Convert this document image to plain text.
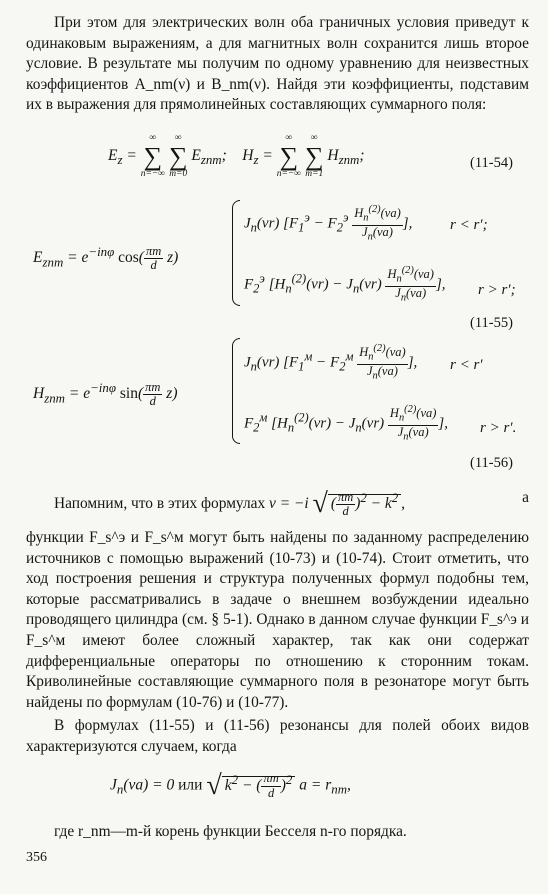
При этом для электрических волн оба граничных условия приведут к одинаковым выражениям, а для магнитных волн сохранится лишь второе условие. В результате мы получим по одному уравнению для неизвестных коэффициентов A_nm(ν) и B_nm(ν). Найдя эти коэффициенты, подставим их в выражения для прямолинейных составляющих суммарного поля:
$E_z$ =
∞
∑
n=−∞

∞
∑
m=0
$E_{znm}$;    $H_z$ =
∞
∑
n=−∞

∞
∑
m=1
$H_{znm}$;	(11-54)
$E_{znm} = e^{-in\varphi}$ $\cos( \frac{\pi m}{d} z)$
$J_n(\nu r) [F_1^э - F_2^э \frac{H_n^{(2)}(\nu a)}{J_n(\nu a)}$ ],	r < r′;
$F_2^э$ [$H_n^{(2)}(\nu r) - J_n(\nu r) \frac{H_n^{(2)}(\nu a)}{J_n(\nu a)}$ ], r > r′;
(11-55)
$H_{znm} = e^{-in\varphi}$ $\sin( \frac{\pi m}{d} z)$
$J_n(\nu r) [F_1^м - F_2^м \frac{H_n^{(2)}(\nu a)}{J_n(\nu a)}$ ], r < r′
$F_2^м$ [$H_n^{(2)}(\nu r) - J_n(\nu r) \frac{H_n^{(2)}(\nu a)}{J_n(\nu a)}$ ], r > r′.
(11-56)
Напомним, что в этих формулах ν = −i √ ( $\frac{\pi m}{d} )^2 - k^2$ ,	а
функции F_s^э и F_s^м могут быть найдены по заданному распределению источников с помощью выражений (10-73) и (10-74). Стоит отметить, что ход построения решения и структура полученных формул подобны тем, которые рассматривались в задаче о внешнем возбуждении идеально проводящего цилиндра (см. § 5-1). Однако в данном случае функции F_s^э и F_s^м имеют более сложный характер, так как они содержат дифференциальные операторы по отношению к сторонним токам. Криволинейные составляющие суммарного поля в резонаторе могут быть найдены по формулам (10-76) и (10-77).
В формулах (11-55) и (11-56) резонансы для полей обоих видов характеризуются случаем, когда
$J_n(\nu a) = 0$ или √ $k^2$ − ( $\frac{\pi m}{d} )^2$ $a = r_{nm}$,
где r_nm—m-й корень функции Бесселя n-го порядка.
356
